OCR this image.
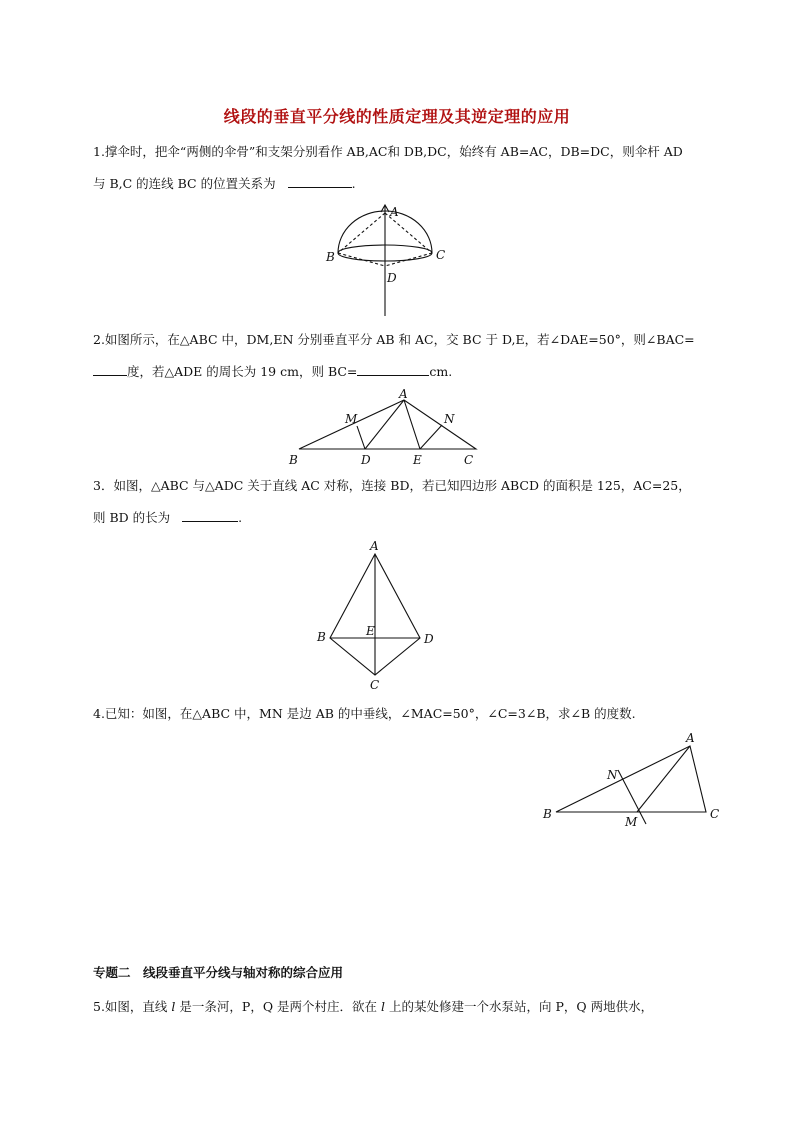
线段的垂直平分线的性质定理及其逆定理的应用
1.撑伞时，把伞“两侧的伞骨”和支架分别看作 AB,AC和 DB,DC，始终有 AB=AC，DB=DC，则伞杆 AD
与 B,C 的连线 BC 的位置关系为	.
A
B	C
D
2.如图所示，在△ABC 中，DM,EN 分别垂直平分 AB 和 AC，交 BC 于 D,E，若∠DAE=50°，则∠BAC=
度，若△ADE 的周长为 19 cm，则 BC=	cm.
A
M	N
B	D	E	C
3．如图，△ABC 与△ADC 关于直线 AC 对称，连接 BD，若已知四边形 ABCD 的面积是 125，AC=25，
则 BD 的长为	.
A
B	E
D
C
4.已知：如图，在△ABC 中，MN 是边 AB 的中垂线，∠MAC=50°，∠C=3∠B，求∠B 的度数.
A
N
B
M
C
专题二　线段垂直平分线与轴对称的综合应用
5.如图，直线 l 是一条河，P，Q 是两个村庄．欲在 l 上的某处修建一个水泵站，向 P，Q 两地供水，
